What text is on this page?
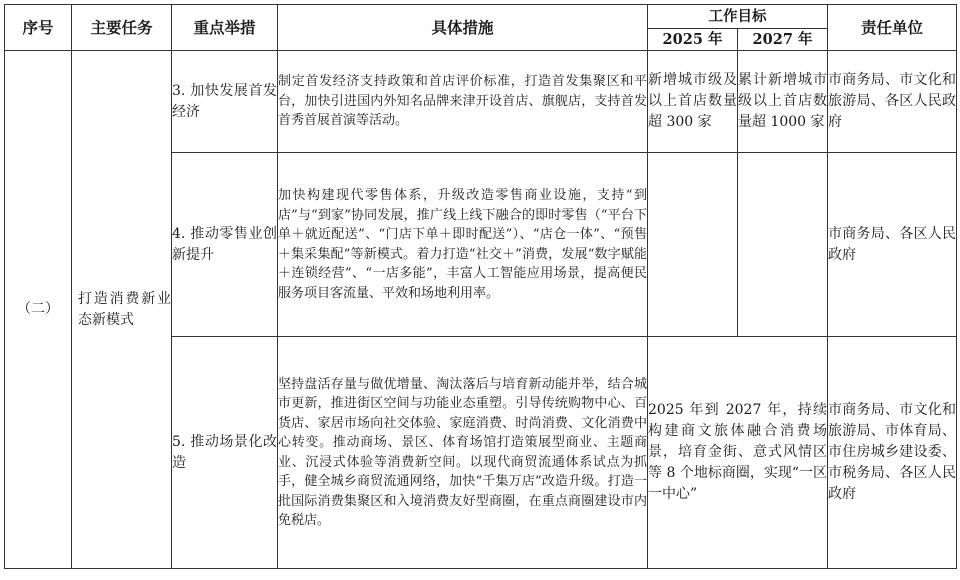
序号	主要任务	重点举措	具体措施	工作目标		责任单位
				2025 年	2027 年	
（二）	打造消费新业态新模式	3. 加快发展首发经济	制定首发经济支持政策和首店评价标准，打造首发集聚区和平台，加快引进国内外知名品牌来津开设首店、旗舰店，支持首发首秀首展首演等活动。	新增城市级及以上首店数量超 300 家	累计新增城市级以上首店数量超 1000 家	市商务局、市文化和旅游局、各区人民政府
		4. 推动零售业创新提升	加快构建现代零售体系，升级改造零售商业设施，支持“到店”与“到家”协同发展，推广线上线下融合的即时零售（“平台下单＋就近配送”、“门店下单＋即时配送”）、“店仓一体”、“预售＋集采集配”等新模式。着力打造“社交＋”消费，发展“数字赋能＋连锁经营”、“一店多能”，丰富人工智能应用场景，提高便民服务项目客流量、平效和场地利用率。			市商务局、各区人民政府
		5. 推动场景化改造	坚持盘活存量与做优增量、淘汰落后与培育新动能并举，结合城市更新，推进街区空间与功能业态重塑。引导传统购物中心、百货店、家居市场向社交体验、家庭消费、时尚消费、文化消费中心转变。推动商场、景区、体育场馆打造策展型商业、主题商业、沉浸式体验等消费新空间。以现代商贸流通体系试点为抓手，健全城乡商贸流通网络，加快“千集万店”改造升级。打造一批国际消费集聚区和入境消费友好型商圈，在重点商圈建设市内免税店。	2025 年到 2027 年，持续构建商文旅体融合消费场景，培育金街、意式风情区等 8 个地标商圈，实现“一区一中心”		市商务局、市文化和旅游局、市体育局、市住房城乡建设委、市税务局、各区人民政府
